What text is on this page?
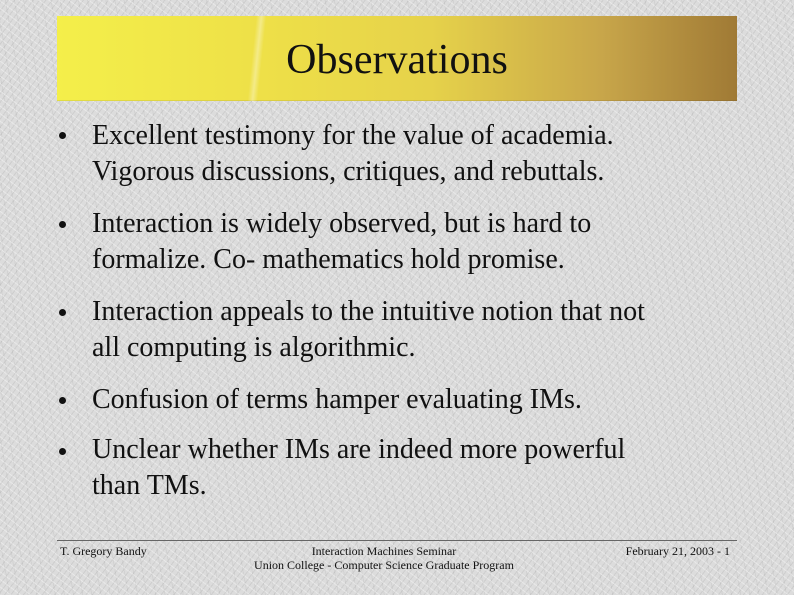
Observations
Excellent testimony for the value of academia.
Vigorous discussions, critiques, and rebuttals.
Interaction is widely observed, but is hard to
formalize. Co- mathematics hold promise.
Interaction appeals to the intuitive notion that not
all computing is algorithmic.
Confusion of terms hamper evaluating IMs.
Unclear whether IMs are indeed more powerful
than TMs.
T. Gregory Bandy	Interaction Machines Seminar
Union College - Computer Science Graduate Program
February 21, 2003 - 1
